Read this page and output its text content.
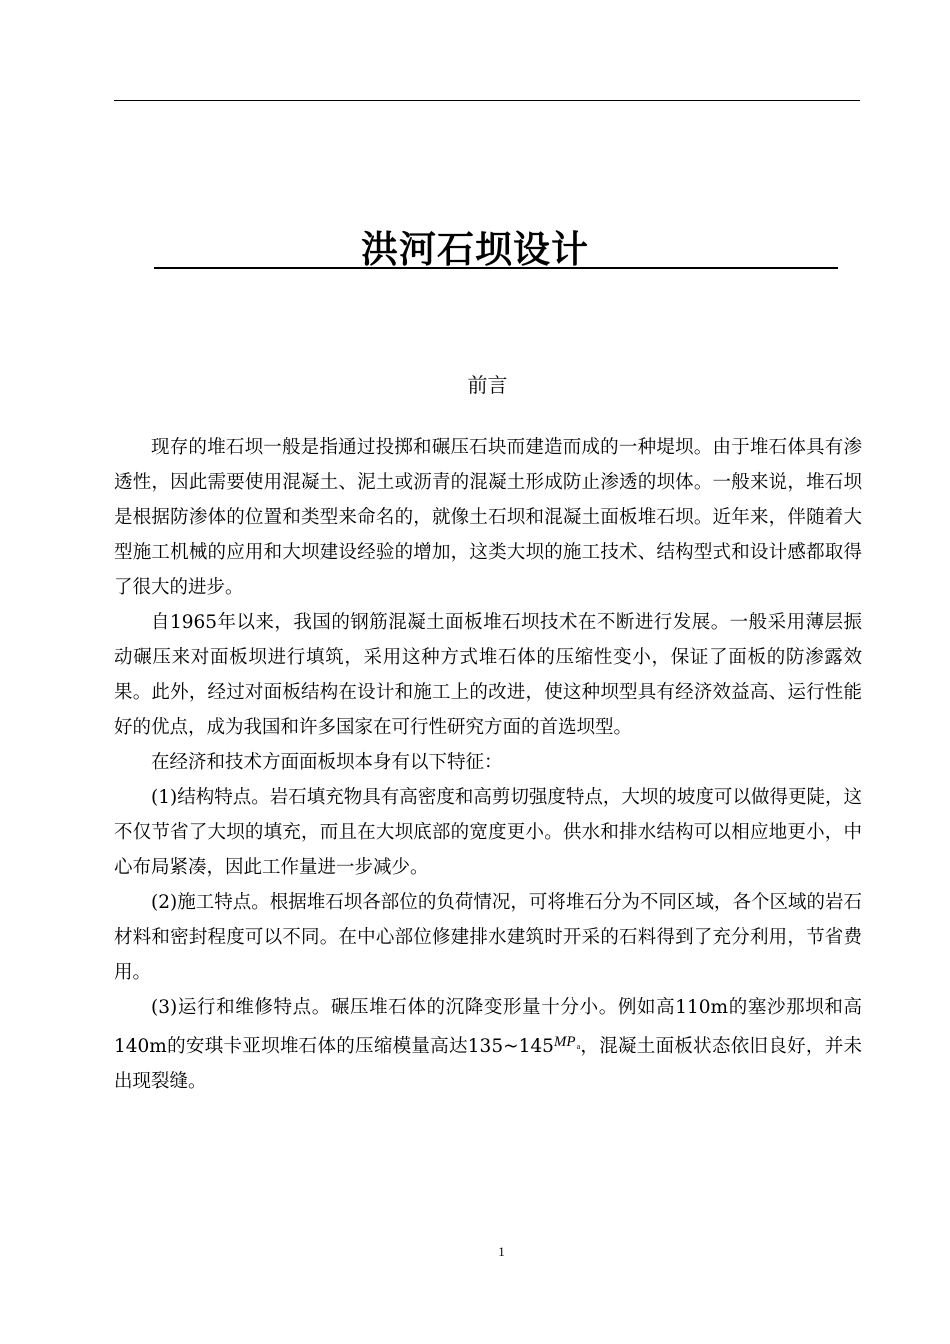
洪河石坝设计
前言

现存的堆石坝一般是指通过投掷和碾压石块而建造而成的一种堤坝。由于堆石体具有渗透性，因此需要使用混凝土、泥土或沥青的混凝土形成防止渗透的坝体。一般来说，堆石坝是根据防渗体的位置和类型来命名的，就像土石坝和混凝土面板堆石坝。近年来，伴随着大型施工机械的应用和大坝建设经验的增加，这类大坝的施工技术、结构型式和设计感都取得了很大的进步。

自1965年以来，我国的钢筋混凝土面板堆石坝技术在不断进行发展。一般采用薄层振动碾压来对面板坝进行填筑，采用这种方式堆石体的压缩性变小，保证了面板的防渗露效果。此外，经过对面板结构在设计和施工上的改进，使这种坝型具有经济效益高、运行性能好的优点，成为我国和许多国家在可行性研究方面的首选坝型。

在经济和技术方面面板坝本身有以下特征：

(1)结构特点。岩石填充物具有高密度和高剪切强度特点，大坝的坡度可以做得更陡，这不仅节省了大坝的填充，而且在大坝底部的宽度更小。供水和排水结构可以相应地更小，中心布局紧凑，因此工作量进一步减少。

(2)施工特点。根据堆石坝各部位的负荷情况，可将堆石分为不同区域，各个区域的岩石材料和密封程度可以不同。在中心部位修建排水建筑时开采的石料得到了充分利用，节省费用。

(3)运行和维修特点。碾压堆石体的沉降变形量十分小。例如高110m的塞沙那坝和高140m的安琪卡亚坝堆石体的压缩模量高达135~145MPa，混凝土面板状态依旧良好，并未出现裂缝。

1
